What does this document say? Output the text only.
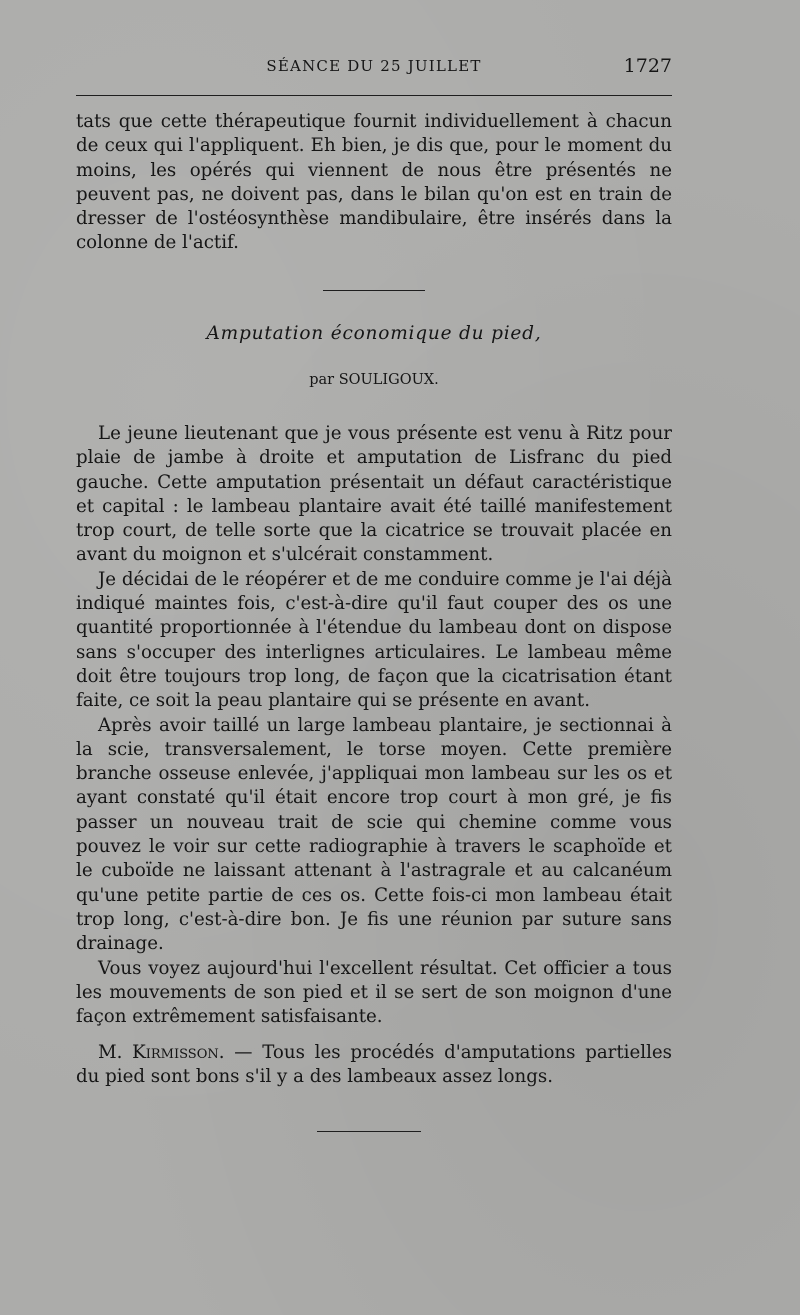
SÉANCE DU 25 JUILLET	1727

tats que cette thérapeutique fournit individuellement à chacun de ceux qui l'appliquent. Eh bien, je dis que, pour le moment du moins, les opérés qui viennent de nous être présentés ne peuvent pas, ne doivent pas, dans le bilan qu'on est en train de dresser de l'ostéosynthèse mandibulaire, être insérés dans la colonne de l'actif.

Amputation économique du pied,
par SOULIGOUX.

Le jeune lieutenant que je vous présente est venu à Ritz pour plaie de jambe à droite et amputation de Lisfranc du pied gauche. Cette amputation présentait un défaut caractéristique et capital : le lambeau plantaire avait été taillé manifestement trop court, de telle sorte que la cicatrice se trouvait placée en avant du moignon et s'ulcérait constamment.

Je décidai de le réopérer et de me conduire comme je l'ai déjà indiqué maintes fois, c'est-à-dire qu'il faut couper des os une quantité proportionnée à l'étendue du lambeau dont on dispose sans s'occuper des interlignes articulaires. Le lambeau même doit être toujours trop long, de façon que la cicatrisation étant faite, ce soit la peau plantaire qui se présente en avant.

Après avoir taillé un large lambeau plantaire, je sectionnai à la scie, transversalement, le torse moyen. Cette première branche osseuse enlevée, j'appliquai mon lambeau sur les os et ayant constaté qu'il était encore trop court à mon gré, je fis passer un nouveau trait de scie qui chemine comme vous pouvez le voir sur cette radiographie à travers le scaphoïde et le cuboïde ne laissant attenant à l'astragrale et au calcanéum qu'une petite partie de ces os. Cette fois-ci mon lambeau était trop long, c'est-à-dire bon. Je fis une réunion par suture sans drainage.

Vous voyez aujourd'hui l'excellent résultat. Cet officier a tous les mouvements de son pied et il se sert de son moignon d'une façon extrêmement satisfaisante.

M. Kirmisson. — Tous les procédés d'amputations partielles du pied sont bons s'il y a des lambeaux assez longs.
